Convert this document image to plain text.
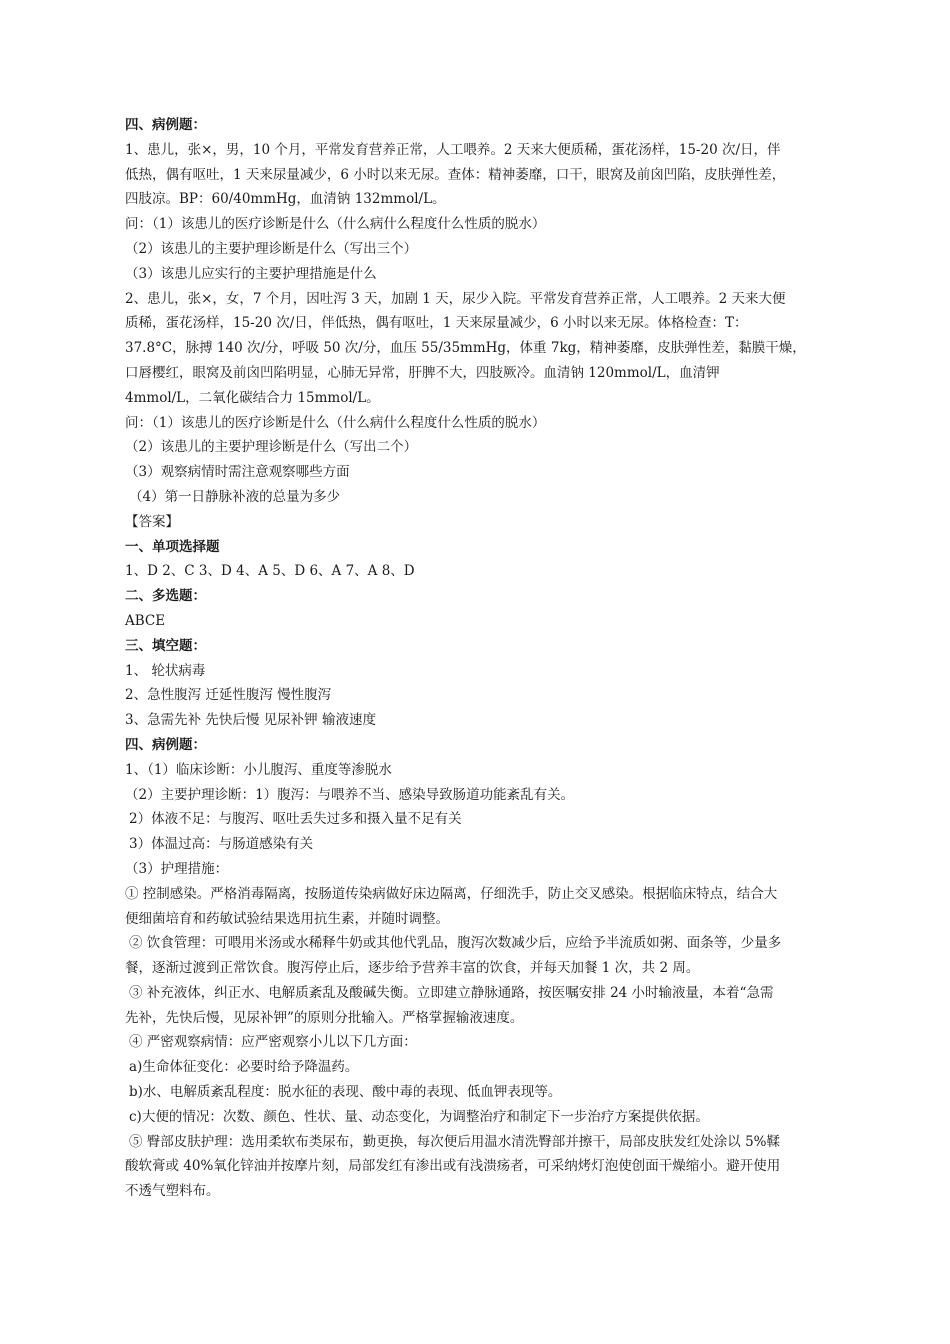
四、病例题：
1、患儿，张×，男，10 个月，平常发育营养正常，人工喂养。2 天来大便质稀，蛋花汤样，15-20 次/日，伴
低热，偶有呕吐，1 天来尿量减少，6 小时以来无尿。查体：精神萎靡，口干，眼窝及前囟凹陷，皮肤弹性差，
四肢凉。BP：60/40mmHg，血清钠 132mmol/L。
问：（1）该患儿的医疗诊断是什么（什么病什么程度什么性质的脱水）
（2）该患儿的主要护理诊断是什么（写出三个）
（3）该患儿应实行的主要护理措施是什么
2、患儿，张×，女，7 个月，因吐泻 3 天，加剧 1 天，尿少入院。平常发育营养正常，人工喂养。2 天来大便
质稀，蛋花汤样，15-20 次/日，伴低热，偶有呕吐，1 天来尿量减少，6 小时以来无尿。体格检查：T：
37.8°C，脉搏 140 次/分，呼吸 50 次/分，血压 55/35mmHg，体重 7kg，精神萎靡，皮肤弹性差，黏膜干燥，
口唇樱红，眼窝及前囟凹陷明显，心肺无异常，肝脾不大，四肢厥冷。血清钠 120mmol/L，血清钾
4mmol/L，二氧化碳结合力 15mmol/L。
问：（1）该患儿的医疗诊断是什么（什么病什么程度什么性质的脱水）
（2）该患儿的主要护理诊断是什么（写出二个）
（3）观察病情时需注意观察哪些方面
（4）第一日静脉补液的总量为多少
【答案】
一、单项选择题
1、D 2、C 3、D 4、A 5、D 6、A 7、A 8、D
二、多选题：
ABCE
三、填空题：
1、 轮状病毒
2、急性腹泻 迁延性腹泻 慢性腹泻
3、急需先补 先快后慢 见尿补钾 输液速度
四、病例题：
1、（1）临床诊断：小儿腹泻、重度等渗脱水
（2）主要护理诊断：1）腹泻：与喂养不当、感染导致肠道功能紊乱有关。
2）体液不足：与腹泻、呕吐丢失过多和摄入量不足有关
3）体温过高：与肠道感染有关
（3）护理措施：
① 控制感染。严格消毒隔离，按肠道传染病做好床边隔离，仔细洗手，防止交叉感染。根据临床特点，结合大
便细菌培育和药敏试验结果选用抗生素，并随时调整。
② 饮食管理：可喂用米汤或水稀释牛奶或其他代乳品，腹泻次数减少后，应给予半流质如粥、面条等，少量多
餐，逐渐过渡到正常饮食。腹泻停止后，逐步给予营养丰富的饮食，并每天加餐 1 次，共 2 周。
③ 补充液体，纠正水、电解质紊乱及酸碱失衡。立即建立静脉通路，按医嘱安排 24 小时输液量，本着“急需
先补，先快后慢，见尿补钾”的原则分批输入。严格掌握输液速度。
④ 严密观察病情：应严密观察小儿以下几方面：
a)生命体征变化：必要时给予降温药。
b)水、电解质紊乱程度：脱水征的表现、酸中毒的表现、低血钾表现等。
c)大便的情况：次数、颜色、性状、量、动态变化，为调整治疗和制定下一步治疗方案提供依据。
⑤ 臀部皮肤护理：选用柔软布类尿布，勤更换，每次便后用温水清洗臀部并擦干，局部皮肤发红处涂以 5%鞣
酸软膏或 40%氧化锌油并按摩片刻，局部发红有渗出或有浅溃疡者，可采纳烤灯泡使创面干燥缩小。避开使用
不透气塑料布。
